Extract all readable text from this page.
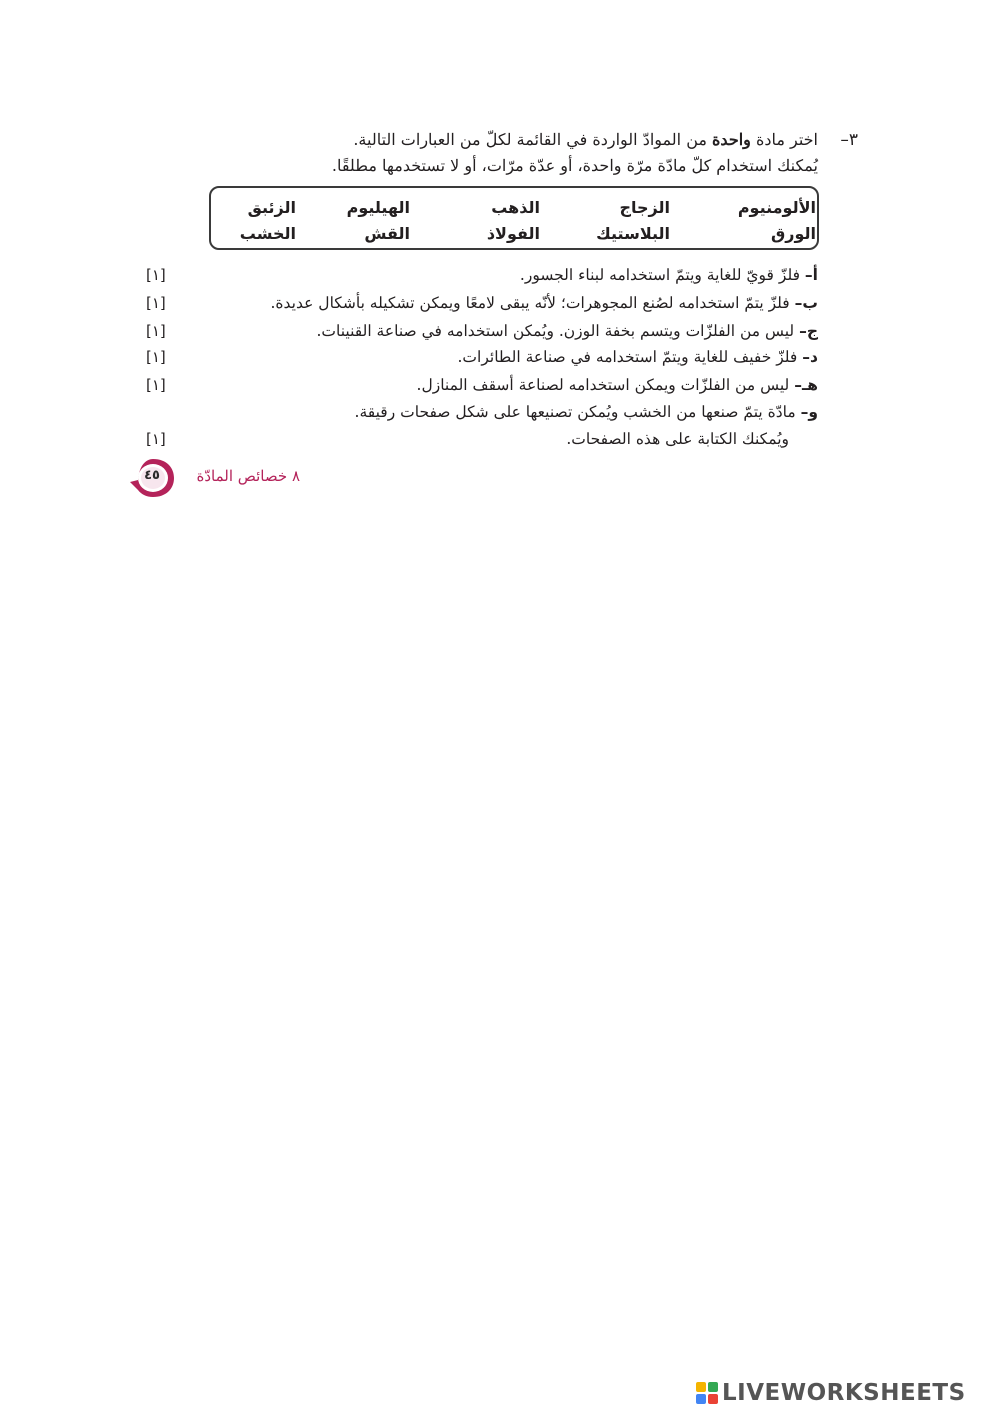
٣–
اختر مادة واحدة من الموادّ الواردة في القائمة لكلّ من العبارات التالية.
يُمكنك استخدام كلّ مادّة مرّة واحدة، أو عدّة مرّات، أو لا تستخدمها مطلقًا.
الألومنيوم
الزجاج
الذهب
الهيليوم
الزئبق
الورق
البلاستيك
الفولاذ
القش
الخشب
أ– فلزّ قويّ للغاية ويتمّ استخدامه لبناء الجسور.
[١]
ب– فلزّ يتمّ استخدامه لصُنع المجوهرات؛ لأنّه يبقى لامعًا ويمكن تشكيله بأشكال عديدة.
[١]
ج– ليس من الفلزّات ويتسم بخفة الوزن. ويُمكن استخدامه في صناعة القنينات.
[١]
د– فلزّ خفيف للغاية ويتمّ استخدامه في صناعة الطائرات.
[١]
هـ– ليس من الفلزّات ويمكن استخدامه لصناعة أسقف المنازل.
[١]
و– مادّة يتمّ صنعها من الخشب ويُمكن تصنيعها على شكل صفحات رقيقة.
ويُمكنك الكتابة على هذه الصفحات.
[١]
٨ خصائص المادّة
٤٥
LIVEWORKSHEETS
